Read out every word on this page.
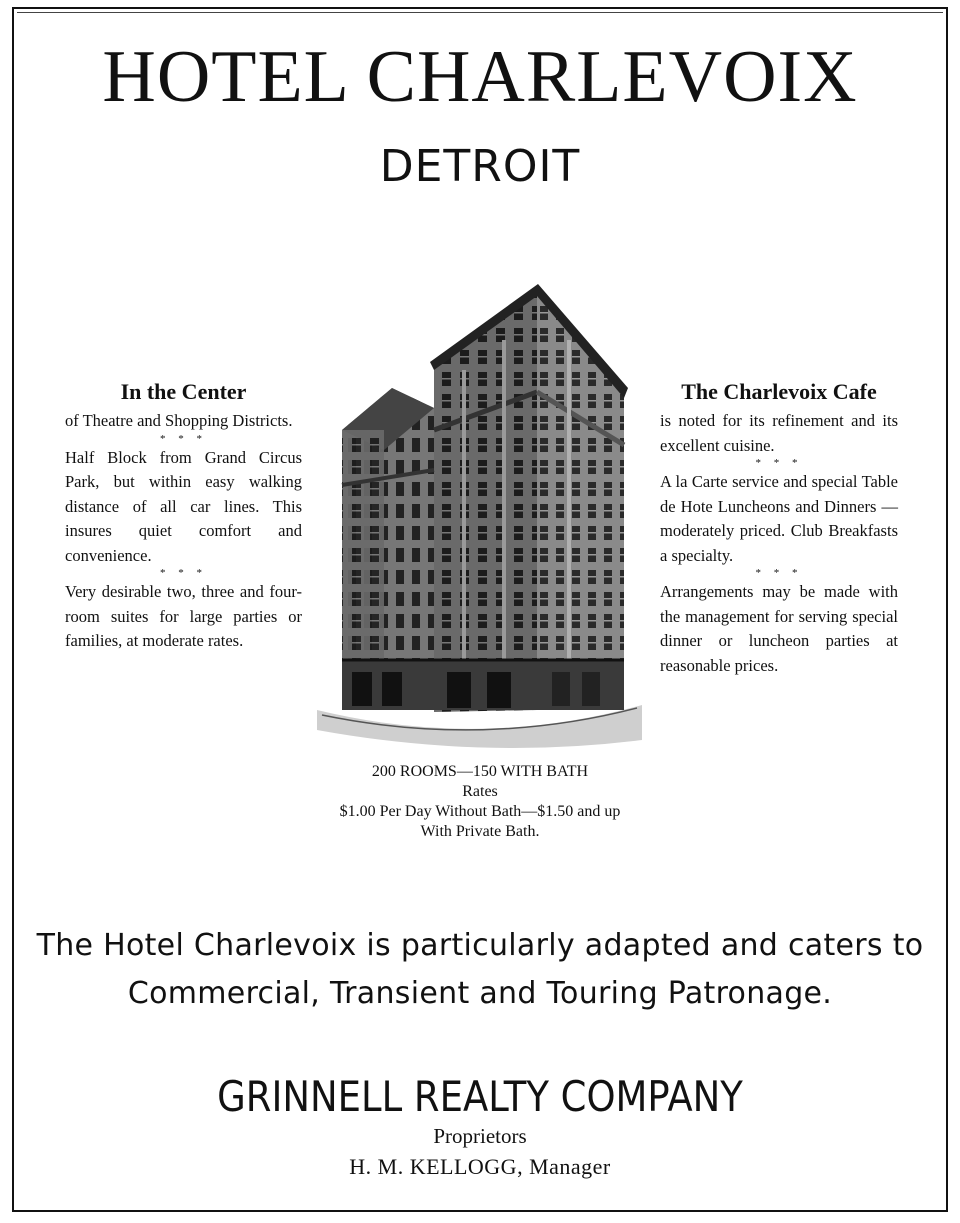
HOTEL CHARLEVOIX
DETROIT
In the Center

of Theatre and Shopping Districts.

* * *

Half Block from Grand Circus Park, but within easy walking distance of all car lines. This insures quiet comfort and convenience.

* * *

Very desirable two, three and four-room suites for large parties or families, at moderate rates.

The Charlevoix Cafe

is noted for its refinement and its excellent cuisine.

* * *

A la Carte service and special Table de Hote Luncheons and Dinners — moderately priced. Club Breakfasts a specialty.

* * *

Arrangements may be made with the management for serving special dinner or luncheon parties at reasonable prices.

200 ROOMS—150 WITH BATH
Rates
$1.00 Per Day Without Bath—$1.50 and up
With Private Bath.
The Hotel Charlevoix is particularly adapted and caters to
Commercial, Transient and Touring Patronage.
GRINNELL REALTY COMPANY
Proprietors
H. M. KELLOGG, Manager
